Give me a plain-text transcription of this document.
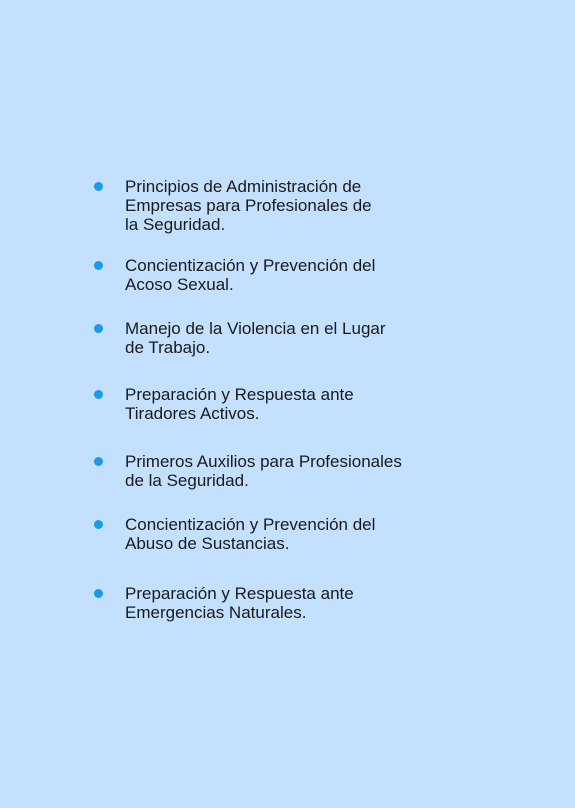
Principios de Administración de
Empresas para Profesionales de
la Seguridad.
Concientización y Prevención del
Acoso Sexual.
Manejo de la Violencia en el Lugar
de Trabajo.
Preparación y Respuesta ante
Tiradores Activos.
Primeros Auxilios para Profesionales
de la Seguridad.
Concientización y Prevención del
Abuso de Sustancias.
Preparación y Respuesta ante
Emergencias Naturales.
